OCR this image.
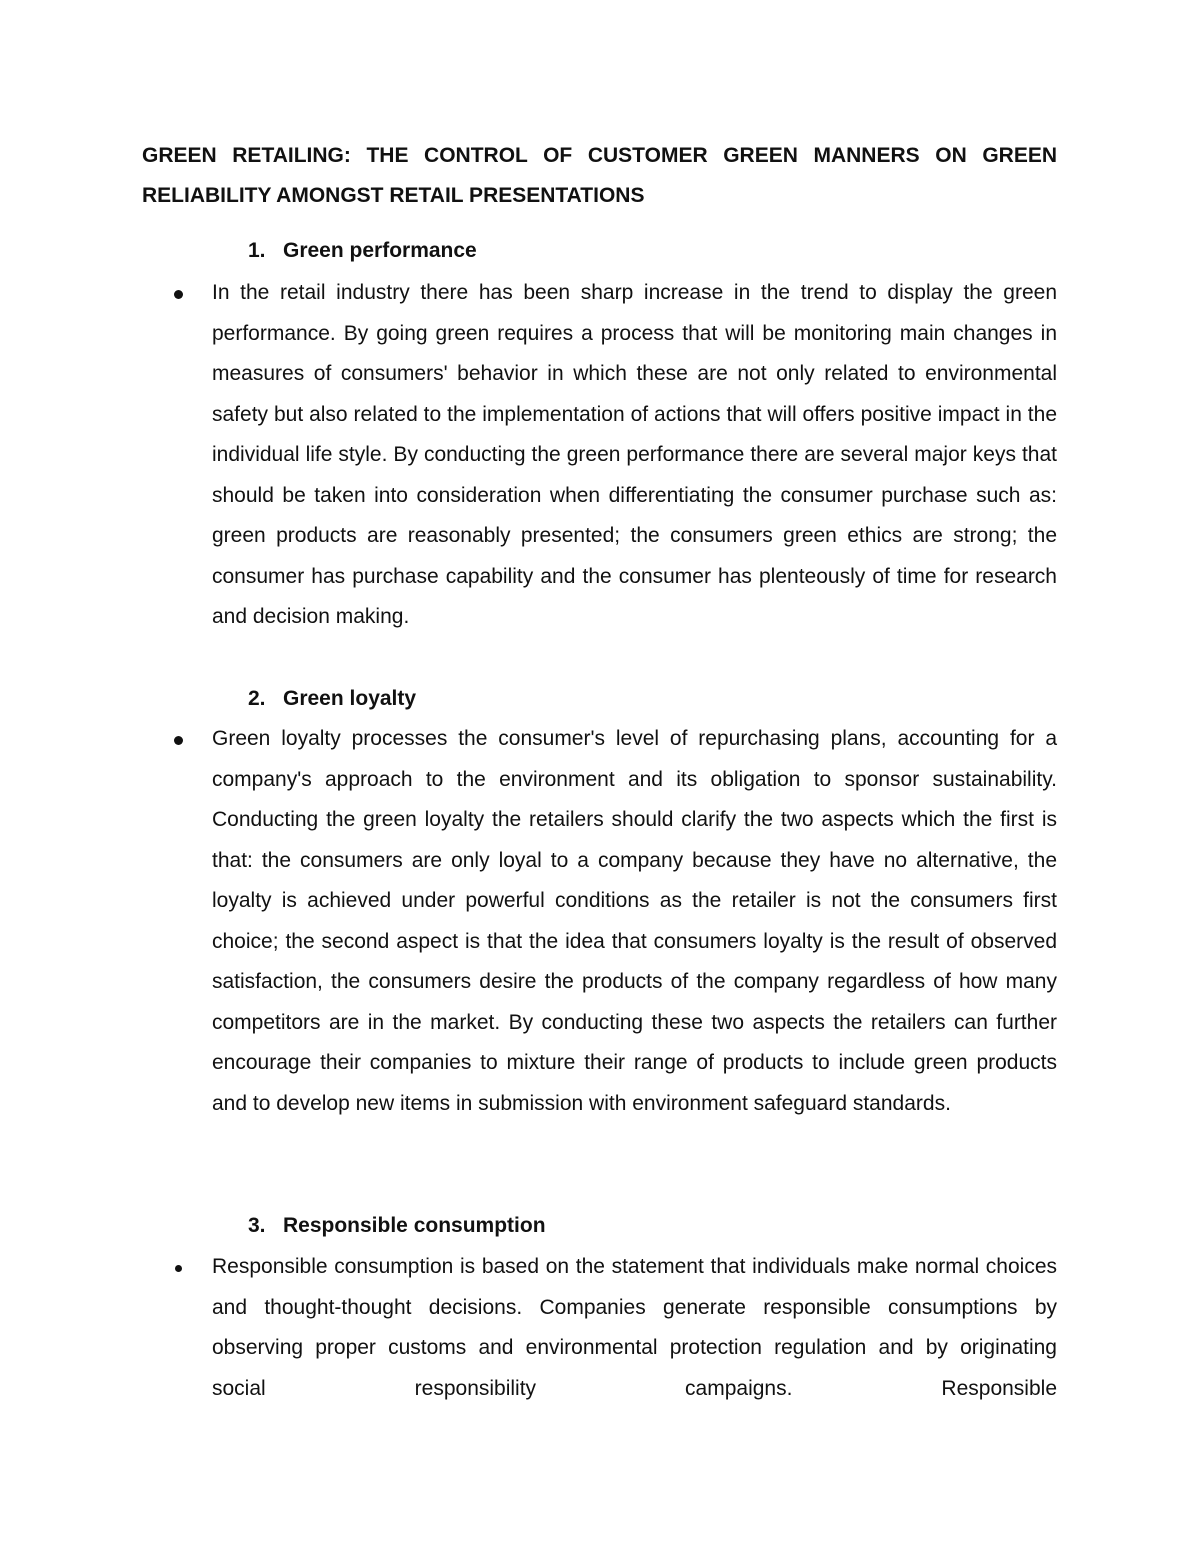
GREEN RETAILING: THE CONTROL OF CUSTOMER GREEN MANNERS ON GREEN RELIABILITY AMONGST RETAIL PRESENTATIONS

1. Green performance

In the retail industry there has been sharp increase in the trend to display the green performance. By going green requires a process that will be monitoring main changes in measures of consumers' behavior in which these are not only related to environmental safety but also related to the implementation of actions that will offers positive impact in the individual life style. By conducting the green performance there are several major keys that should be taken into consideration when differentiating the consumer purchase such as: green products are reasonably presented; the consumers green ethics are strong; the consumer has purchase capability and the consumer has plenteously of time for research and decision making.

2. Green loyalty

Green loyalty processes the consumer's level of repurchasing plans, accounting for a company's approach to the environment and its obligation to sponsor sustainability. Conducting the green loyalty the retailers should clarify the two aspects which the first is that: the consumers are only loyal to a company because they have no alternative, the loyalty is achieved under powerful conditions as the retailer is not the consumers first choice; the second aspect is that the idea that consumers loyalty is the result of observed satisfaction, the consumers desire the products of the company regardless of how many competitors are in the market. By conducting these two aspects the retailers can further encourage their companies to mixture their range of products to include green products and to develop new items in submission with environment safeguard standards.

3. Responsible consumption

Responsible consumption is based on the statement that individuals make normal choices and thought-thought decisions. Companies generate responsible consumptions by observing proper customs and environmental protection regulation and by originating social responsibility campaigns. Responsible
